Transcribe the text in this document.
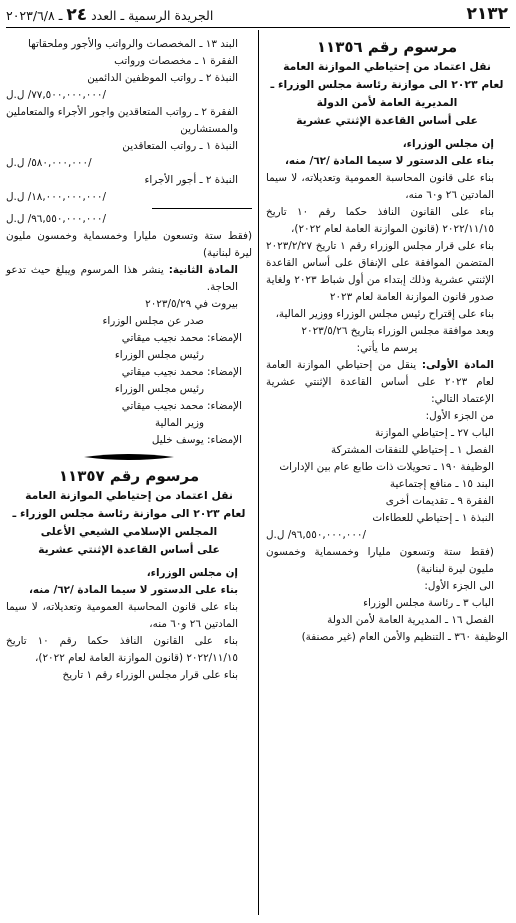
٢١٣٢
الجريدة الرسمية ـ العدد ٢٤ ـ ٢٠٢٣/٦/٨
مرسوم رقم ١١٣٥٦
نقل اعتماد من إحتياطي الموازنة العامة
لعام ٢٠٢٣ الى موازنة رئاسة مجلس الوزراء ـ
المديرية العامة لأمن الدولة
على أساس القاعدة الإثنتي عشرية
إن مجلس الوزراء،
بناء على الدستور لا سيما المادة /٦٢/ منه،
بناء على قانون المحاسبة العمومية وتعديلاته، لا سيما المادتين ٢٦ و٦٠ منه،
بناء على القانون النافذ حكما رقم ١٠ تاريخ ٢٠٢٢/١١/١٥ (قانون الموازنة العامة لعام ٢٠٢٢)،
بناء على قرار مجلس الوزراء رقم ١ تاريخ ٢٠٢٣/٢/٢٧ المتضمن الموافقة على الإنفاق على أساس القاعدة الإثنتي عشرية وذلك إبتداء من أول شباط ٢٠٢٣ ولغاية صدور قانون الموازنة العامة لعام ٢٠٢٣
بناء على إقتراح رئيس مجلس الوزراء ووزير المالية،
وبعد موافقة مجلس الوزراء بتاريخ ٢٠٢٣/٥/٢٦
يرسم ما يأتي:
المادة الأولى: ينقل من إحتياطي الموازنة العامة لعام ٢٠٢٣ على أساس القاعدة الإثنتي عشرية الإعتماد التالي:
من الجزء الأول:
الباب ٢٧ ـ إحتياطي الموازنة
الفصل ١ ـ إحتياطي للنفقات المشتركة
الوظيفة ١٩٠ ـ تحويلات ذات طابع عام بين الإدارات
البند ١٥ ـ منافع إجتماعية
الفقرة ٩ ـ تقديمات أخرى
النبذة ١ ـ إحتياطي للعطاءات
/٩٦,٥٥٠,٠٠٠,٠٠٠/ ل.ل
(فقط ستة وتسعون مليارا وخمسماية وخمسون مليون ليرة لبنانية)
الى الجزء الأول:
الباب ٣ ـ رئاسة مجلس الوزراء
الفصل ١٦ ـ المديرية العامة لأمن الدولة
الوظيفة ٣٦٠ ـ التنظيم والأمن العام (غير مصنفة)
البند ١٣ ـ المخصصات والرواتب والأجور وملحقاتها
الفقرة ١ ـ مخصصات ورواتب
النبذة ٢ ـ رواتب الموظفين الدائمين
/٧٧,٥٠٠,٠٠٠,٠٠٠/ ل.ل
الفقرة ٢ ـ رواتب المتعاقدين واجور الأجراء والمتعاملين والمستشارين
النبذة ١ ـ رواتب المتعاقدين
/٥٨٠,٠٠٠,٠٠٠/ ل.ل
النبذة ٢ ـ أجور الأجراء
/١٨,٠٠٠,٠٠٠,٠٠٠/ ل.ل
/٩٦,٥٥٠,٠٠٠,٠٠٠/ ل.ل
(فقط ستة وتسعون مليارا وخمسماية وخمسون مليون ليرة لبنانية)
المادة الثانية: ينشر هذا المرسوم ويبلغ حيث تدعو الحاجة.
بيروت في ٢٠٢٣/٥/٢٩
صدر عن مجلس الوزراء
الإمضاء: محمد نجيب ميقاتي
رئيس مجلس الوزراء
الإمضاء: محمد نجيب ميقاتي
رئيس مجلس الوزراء
الإمضاء: محمد نجيب ميقاتي
وزير المالية
الإمضاء: يوسف خليل
مرسوم رقم ١١٣٥٧
نقل اعتماد من إحتياطي الموازنة العامة
لعام ٢٠٢٣ الى موازنة رئاسة مجلس الوزراء ـ
المجلس الإسلامي الشيعي الأعلى
على أساس القاعدة الإثنتي عشرية
إن مجلس الوزراء،
بناء على الدستور لا سيما المادة /٦٢/ منه،
بناء على قانون المحاسبة العمومية وتعديلاته، لا سيما المادتين ٢٦ و٦٠ منه،
بناء على القانون النافذ حكما رقم ١٠ تاريخ ٢٠٢٢/١١/١٥ (قانون الموازنة العامة لعام ٢٠٢٢)،
بناء على قرار مجلس الوزراء رقم ١ تاريخ
